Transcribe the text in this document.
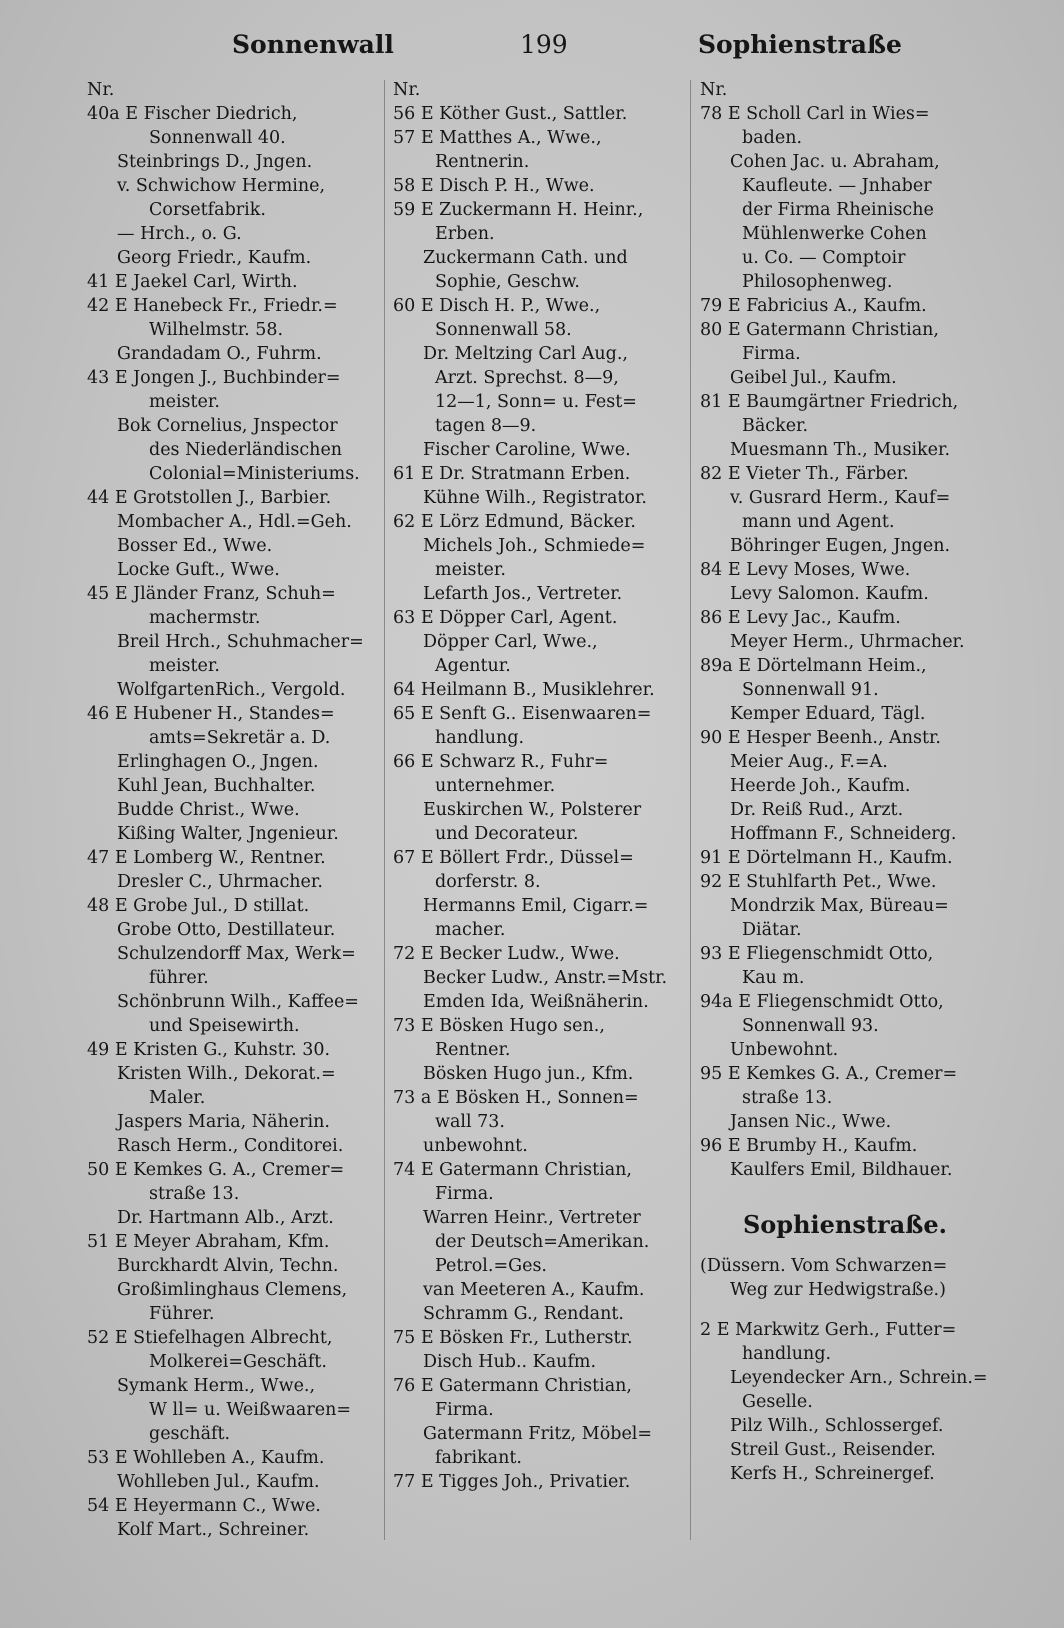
Sonnenwall	199	Sophienstraße
Nr.
40a E Fischer Diedrich,
Sonnenwall 40.
Steinbrings D., Jngen.
v. Schwichow Hermine,
Corsetfabrik.
— Hrch., o. G.
Georg Friedr., Kaufm.
41 E Jaekel Carl, Wirth.
42 E Hanebeck Fr., Friedr.=
Wilhelmstr. 58.
Grandadam O., Fuhrm.
43 E Jongen J., Buchbinder=
meister.
Bok Cornelius, Jnspector
des Niederländischen
Colonial=Ministeriums.
44 E Grotstollen J., Barbier.
Mombacher A., Hdl.=Geh.
Bosser Ed., Wwe.
Locke Guft., Wwe.
45 E Jländer Franz, Schuh=
machermstr.
Breil Hrch., Schuhmacher=
meister.
WolfgartenRich., Vergold.
46 E Hubener H., Standes=
amts=Sekretär a. D.
Erlinghagen O., Jngen.
Kuhl Jean, Buchhalter.
Budde Christ., Wwe.
Kißing Walter, Jngenieur.
47 E Lomberg W., Rentner.
Dresler C., Uhrmacher.
48 E Grobe Jul., D stillat.
Grobe Otto, Destillateur.
Schulzendorff Max, Werk=
führer.
Schönbrunn Wilh., Kaffee=
und Speisewirth.
49 E Kristen G., Kuhstr. 30.
Kristen Wilh., Dekorat.=
Maler.
Jaspers Maria, Näherin.
Rasch Herm., Conditorei.
50 E Kemkes G. A., Cremer=
straße 13.
Dr. Hartmann Alb., Arzt.
51 E Meyer Abraham, Kfm.
Burckhardt Alvin, Techn.
Großimlinghaus Clemens,
Führer.
52 E Stiefelhagen Albrecht,
Molkerei=Geschäft.
Symank Herm., Wwe.,
W ll= u. Weißwaaren=
geschäft.
53 E Wohlleben A., Kaufm.
Wohlleben Jul., Kaufm.
54 E Heyermann C., Wwe.
Kolf Mart., Schreiner.
Nr.
56 E Köther Gust., Sattler.
57 E Matthes A., Wwe.,
Rentnerin.
58 E Disch P. H., Wwe.
59 E Zuckermann H. Heinr.,
Erben.
Zuckermann Cath. und
Sophie, Geschw.
60 E Disch H. P., Wwe.,
Sonnenwall 58.
Dr. Meltzing Carl Aug.,
Arzt. Sprechst. 8—9,
12—1, Sonn= u. Fest=
tagen 8—9.
Fischer Caroline, Wwe.
61 E Dr. Stratmann Erben.
Kühne Wilh., Registrator.
62 E Lörz Edmund, Bäcker.
Michels Joh., Schmiede=
meister.
Lefarth Jos., Vertreter.
63 E Döpper Carl, Agent.
Döpper Carl, Wwe.,
Agentur.
64 Heilmann B., Musiklehrer.
65 E Senft G.. Eisenwaaren=
handlung.
66 E Schwarz R., Fuhr=
unternehmer.
Euskirchen W., Polsterer
und Decorateur.
67 E Böllert Frdr., Düssel=
dorferstr. 8.
Hermanns Emil, Cigarr.=
macher.
72 E Becker Ludw., Wwe.
Becker Ludw., Anstr.=Mstr.
Emden Ida, Weißnäherin.
73 E Bösken Hugo sen.,
Rentner.
Bösken Hugo jun., Kfm.
73 a E Bösken H., Sonnen=
wall 73.
unbewohnt.
74 E Gatermann Christian,
Firma.
Warren Heinr., Vertreter
der Deutsch=Amerikan.
Petrol.=Ges.
van Meeteren A., Kaufm.
Schramm G., Rendant.
75 E Bösken Fr., Lutherstr.
Disch Hub.. Kaufm.
76 E Gatermann Christian,
Firma.
Gatermann Fritz, Möbel=
fabrikant.
77 E Tigges Joh., Privatier.
Nr.
78 E Scholl Carl in Wies=
baden.
Cohen Jac. u. Abraham,
Kaufleute. — Jnhaber
der Firma Rheinische
Mühlenwerke Cohen
u. Co. — Comptoir
Philosophenweg.
79 E Fabricius A., Kaufm.
80 E Gatermann Christian,
Firma.
Geibel Jul., Kaufm.
81 E Baumgärtner Friedrich,
Bäcker.
Muesmann Th., Musiker.
82 E Vieter Th., Färber.
v. Gusrard Herm., Kauf=
mann und Agent.
Böhringer Eugen, Jngen.
84 E Levy Moses, Wwe.
Levy Salomon. Kaufm.
86 E Levy Jac., Kaufm.
Meyer Herm., Uhrmacher.
89a E Dörtelmann Heim.,
Sonnenwall 91.
Kemper Eduard, Tägl.
90 E Hesper Beenh., Anstr.
Meier Aug., F.=A.
Heerde Joh., Kaufm.
Dr. Reiß Rud., Arzt.
Hoffmann F., Schneiderg.
91 E Dörtelmann H., Kaufm.
92 E Stuhlfarth Pet., Wwe.
Mondrzik Max, Büreau=
Diätar.
93 E Fliegenschmidt Otto,
Kau m.
94a E Fliegenschmidt Otto,
Sonnenwall 93.
Unbewohnt.
95 E Kemkes G. A., Cremer=
straße 13.
Jansen Nic., Wwe.
96 E Brumby H., Kaufm.
Kaulfers Emil, Bildhauer.
Sophienstraße.
(Düssern. Vom Schwarzen=
Weg zur Hedwigstraße.)
2 E Markwitz Gerh., Futter=
handlung.
Leyendecker Arn., Schrein.=
Geselle.
Pilz Wilh., Schlossergef.
Streil Gust., Reisender.
Kerfs H., Schreinergef.
